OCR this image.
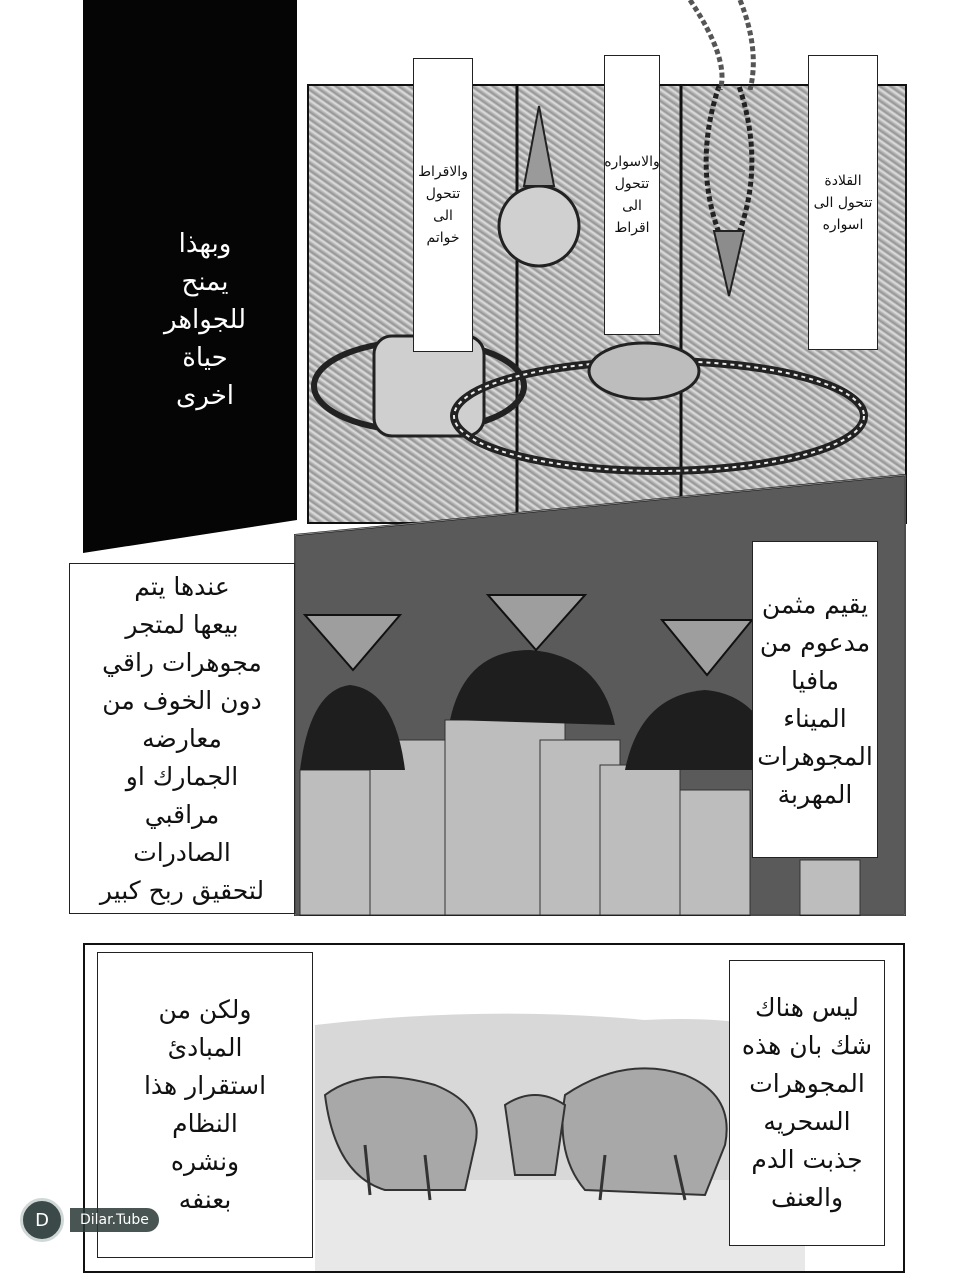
وبهذا
يمنح
للجواهر
حياة
اخرى
والاقراط
تتحول الى
خواتم
والاسواره
تتحول الى
اقراط
القلادة
تتحول الى
اسواره
عندها يتم
بيعها لمتجر
مجوهرات راقي
دون الخوف من
معارضه
الجمارك او
مراقبي
الصادرات
لتحقيق ربح كبير
يقيم مثمن
مدعوم من
مافيا
الميناء
المجوهرات
المهربة
ولكن من
المبادئ
استقرار هذا
النظام
ونشره
بعنفه
ليس هناك
شك بان هذه
المجوهرات
السحريه
جذبت الدم
والعنف
D	Dilar.Tube
